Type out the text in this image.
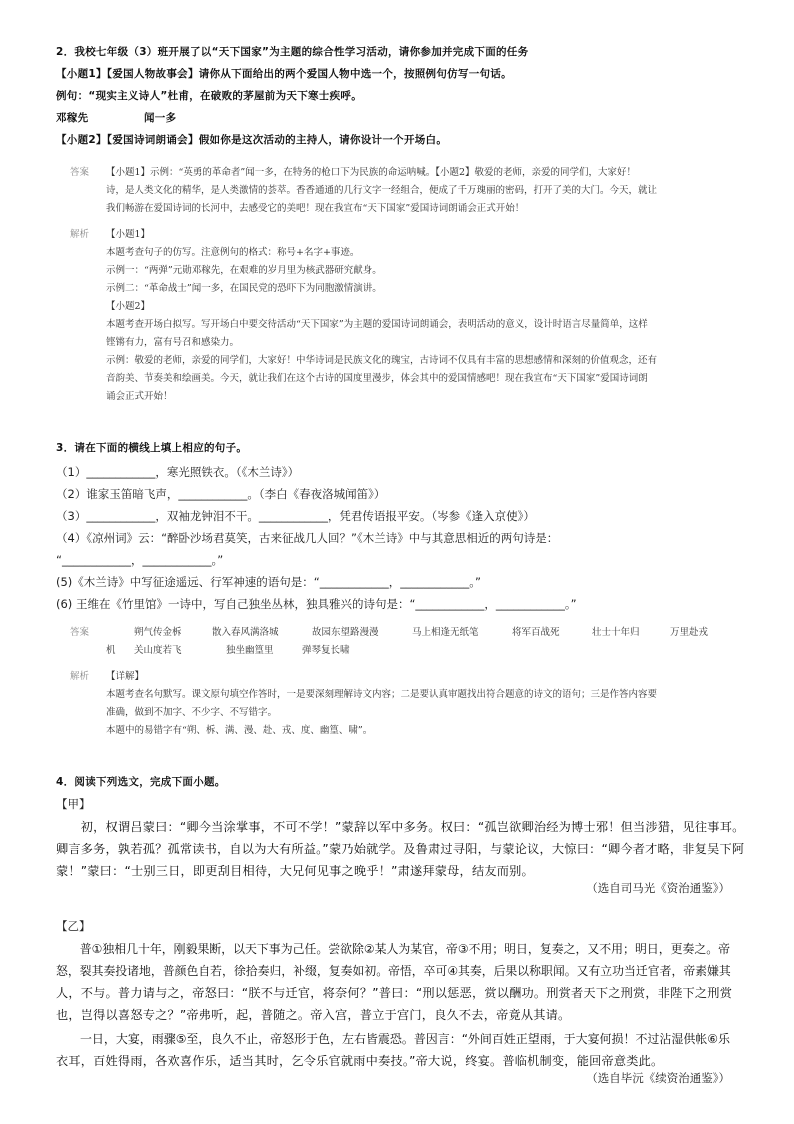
2．我校七年级（3）班开展了以“天下国家”为主题的综合性学习活动，请你参加并完成下面的任务
【小题1】【爱国人物故事会】请你从下面给出的两个爱国人物中选一个，按照例句仿写一句话。
例句：“现实主义诗人”杜甫，在破败的茅屋前为天下寒士疾呼。
邓稼先	闻一多
【小题2】【爱国诗词朗诵会】假如你是这次活动的主持人，请你设计一个开场白。
答案 【小题1】示例：“英勇的革命者”闻一多，在特务的枪口下为民族的命运呐喊。【小题2】敬爱的老师，亲爱的同学们，大家好！
诗，是人类文化的精华，是人类激情的荟萃。香香通通的几行文字一经组合，便成了千万瑰丽的密码，打开了美的大门。今天，就让
我们畅游在爱国诗词的长河中，去感受它的美吧！现在我宣布“天下国家”爱国诗词朗诵会正式开始！
解析 【小题1】
本题考查句子的仿写。注意例句的格式：称号+名字+事迹。
示例一：“两弹”元勋邓稼先，在艰难的岁月里为核武器研究献身。
示例二：“革命战士”闻一多，在国民党的恐吓下为同胞激情演讲。
【小题2】
本题考查开场白拟写。写开场白中要交待活动“天下国家”为主题的爱国诗词朗诵会，表明活动的意义，设计时语言尽量简单，这样
铿锵有力，富有号召和感染力。
示例：敬爱的老师，亲爱的同学们，大家好！中华诗词是民族文化的瑰宝，古诗词不仅具有丰富的思想感情和深刻的价值观念，还有
音韵美、节奏美和绘画美。今天，就让我们在这个古诗的国度里漫步，体会其中的爱国情感吧！现在我宣布“天下国家”爱国诗词朗
诵会正式开始！
3．请在下面的横线上填上相应的句子。
（1）____________，寒光照铁衣。（《木兰诗》）
（2）谁家玉笛暗飞声，____________。（李白《春夜洛城闻笛》）
（3）____________，双袖龙钟泪不干。____________，凭君传语报平安。（岑参《逢入京使》）
（4）《凉州词》云：“醉卧沙场君莫笑，古来征战几人回？”《木兰诗》中与其意思相近的两句诗是：
“____________，____________。”
(5)《木兰诗》中写征途遥远、行军神速的语句是：“____________，____________。”
(6) 王维在《竹里馆》一诗中，写自己独坐丛林，独具雅兴的诗句是：“____________，____________。”
答案	朔气传金柝	散入春风满洛城	故园东望路漫漫	马上相逢无纸笔	将军百战死	壮士十年归	万里赴戎
机 关山度若飞	独坐幽篁里	弹琴复长啸
解析 【详解】
本题考查名句默写。课文原句填空作答时，一是要深刻理解诗文内容；二是要认真审题找出符合题意的诗文的语句；三是作答内容要
准确，做到不加字、不少字、不写错字。
本题中的易错字有“朔、柝、满、漫、赴、戎、度、幽篁、啸”。
4．阅读下列选文，完成下面小题。
【甲】
　　初，权谓吕蒙曰：“卿今当涂掌事，不可不学！”蒙辞以军中多务。权曰：“孤岂欲卿治经为博士邪！但当涉猎，见往事耳。
卿言多务，孰若孤？孤常读书，自以为大有所益。”蒙乃始就学。及鲁肃过寻阳，与蒙论议，大惊曰：“卿今者才略，非复吴下阿
蒙！”蒙曰：“士别三日，即更刮目相待，大兄何见事之晚乎！”肃遂拜蒙母，结友而别。
（选自司马光《资治通鉴》）
【乙】
　　普①独相几十年，刚毅果断，以天下事为己任。尝欲除②某人为某官，帝③不用；明日，复奏之，又不用；明日，更奏之。帝
怒，裂其奏投诸地，普颜色自若，徐拾奏归，补缀，复奏如初。帝悟，卒可④其奏，后果以称职闻。又有立功当迁官者，帝素嫌其
人，不与。普力请与之，帝怒曰：“朕不与迁官，将奈何？”普曰：“刑以惩恶，赏以酬功。刑赏者天下之刑赏，非陛下之刑赏
也，岂得以喜怒专之？”帝弗听，起，普随之。帝入宫，普立于宫门，良久不去，帝竟从其请。
　　一日，大宴，雨骤⑤至，良久不止，帝怒形于色，左右皆震恐。普因言：“外间百姓正望雨，于大宴何损！不过沾湿供帐⑥乐
衣耳，百姓得雨，各欢喜作乐，适当其时，乞令乐官就雨中奏技。”帝大说，终宴。普临机制变，能回帝意类此。
（选自毕沅《续资治通鉴》）
